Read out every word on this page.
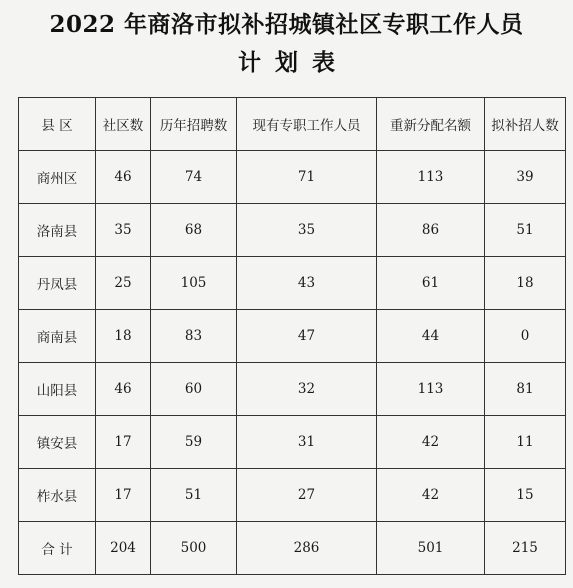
2022 年商洛市拟补招城镇社区专职工作人员
计划表
县 区	社区数	历年招聘数	现有专职工作人员	重新分配名额	拟补招人数
商州区	46	74	71	113	39
洛南县	35	68	35	86	51
丹凤县	25	105	43	61	18
商南县	18	83	47	44	0
山阳县	46	60	32	113	81
镇安县	17	59	31	42	11
柞水县	17	51	27	42	15
合 计	204	500	286	501	215
